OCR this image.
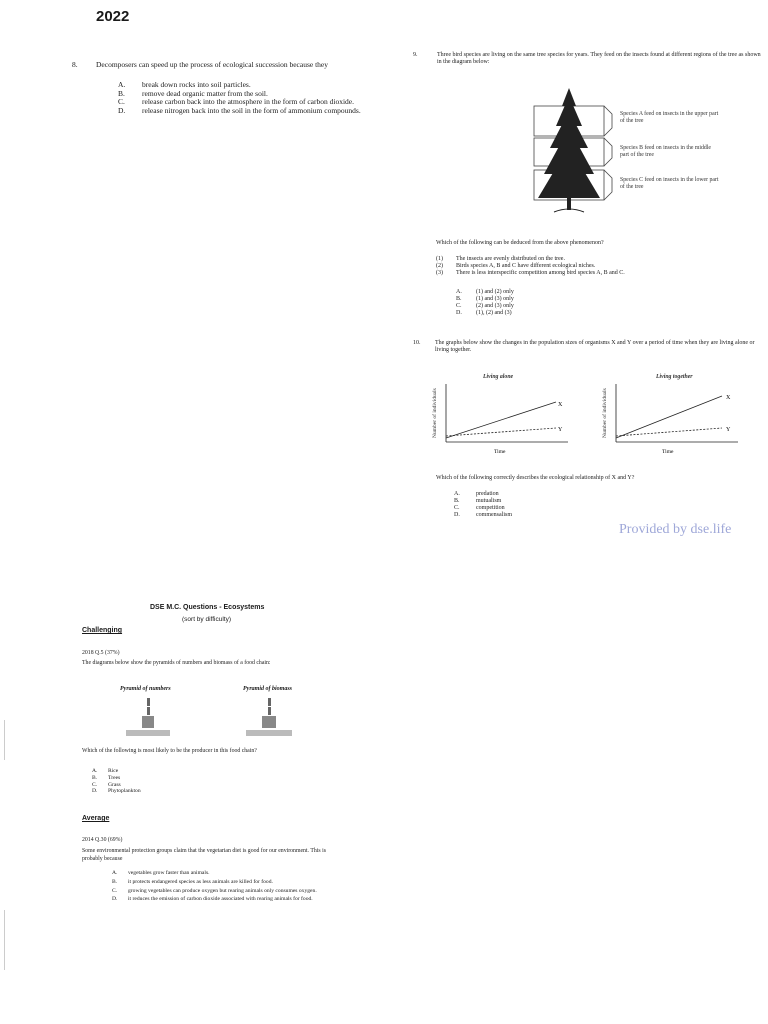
2022
8. Decomposers can speed up the process of ecological succession because they
A.	break down rocks into soil particles.
B.	remove dead organic matter from the soil.
C.	release carbon back into the atmosphere in the form of carbon dioxide.
D.	release nitrogen back into the soil in the form of ammonium compounds.
9.	Three bird species are living on the same tree species for years. They feed on the insects found at different regions of the tree as shown in the diagram below:
Species A feed on insects in the upper part of the tree
Species B feed on insects in the middle part of the tree
Species C feed on insects in the lower part of the tree
Which of the following can be deduced from the above phenomenon?
(1)	The insects are evenly distributed on the tree.
(2)	Birds species A, B and C have different ecological niches.
(3)	There is less interspecific competition among bird species A, B and C.
A.	(1) and (2) only
B.	(1) and (3) only
C.	(2) and (3) only
D.	(1), (2) and (3)
10.	The graphs below show the changes in the population sizes of organisms X and Y over a period of time when they are living alone or living together.
Living alone
Number of individuals	X
Y
Time
Living together
Number of individuals	X
Y
Time
Which of the following correctly describes the ecological relationship of X and Y?
A.	predation
B.	mutualism
C.	competition
D.	commensalism
Provided by dse.life
DSE M.C. Questions - Ecosystems
(sort by difficulty)
Challenging
2018 Q.5 (37%)
The diagrams below show the pyramids of numbers and biomass of a food chain:
Pyramid of numbers	Pyramid of biomass
Which of the following is most likely to be the producer in this food chain?
A.	Rice
B.	Trees
C.	Grass
D.	Phytoplankton
Average
2014 Q.30 (69%)
Some environmental protection groups claim that the vegetarian diet is good for our environment. This is probably because
A.	vegetables grow faster than animals.
B.	it protects endangered species as less animals are killed for food.
C.	growing vegetables can produce oxygen but rearing animals only consumes oxygen.
D.	it reduces the emission of carbon dioxide associated with rearing animals for food.
